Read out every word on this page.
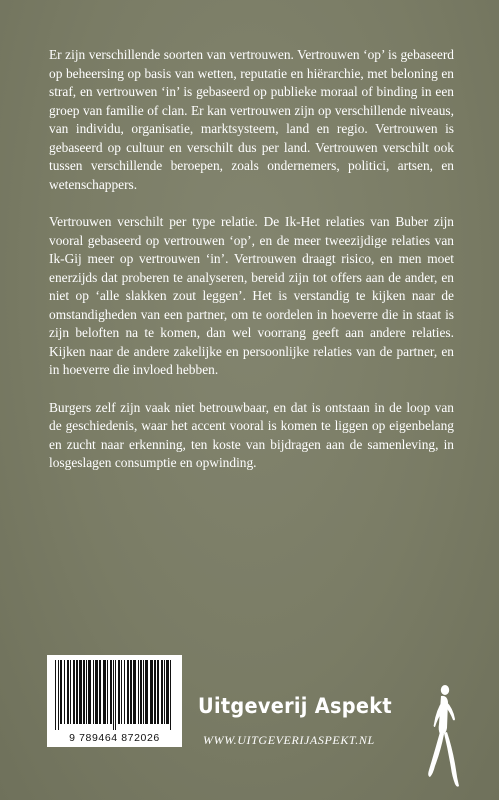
Er zijn verschillende soorten van vertrouwen. Vertrouwen ‘op’ is gebaseerd op beheersing op basis van wetten, reputatie en hiërarchie, met beloning en straf, en vertrouwen ‘in’ is gebaseerd op publieke moraal of binding in een groep van familie of clan. Er kan vertrouwen zijn op verschillende niveaus, van individu, organisatie, marktsysteem, land en regio. Vertrouwen is gebaseerd op cultuur en verschilt dus per land. Vertrouwen verschilt ook tussen verschillende beroepen, zoals ondernemers, politici, artsen, en wetenschappers.

Vertrouwen verschilt per type relatie. De Ik-Het relaties van Buber zijn vooral gebaseerd op vertrouwen ‘op’, en de meer tweezijdige relaties van Ik-Gij meer op vertrouwen ‘in’. Vertrouwen draagt risico, en men moet enerzijds dat proberen te analyseren, bereid zijn tot offers aan de ander, en niet op ‘alle slakken zout leggen’. Het is verstandig te kijken naar de omstandigheden van een partner, om te oordelen in hoeverre die in staat is zijn beloften na te komen, dan wel voorrang geeft aan andere relaties. Kijken naar de andere zakelijke en persoonlijke relaties van de partner, en in hoeverre die invloed hebben.

Burgers zelf zijn vaak niet betrouwbaar, en dat is ontstaan in de loop van de geschiedenis, waar het accent vooral is komen te liggen op eigenbelang en zucht naar erkenning, ten koste van bijdragen aan de samenleving, in losgeslagen consumptie en opwinding.

9 789464 872026
Uitgeverij Aspekt
WWW.UITGEVERIJASPEKT.NL
